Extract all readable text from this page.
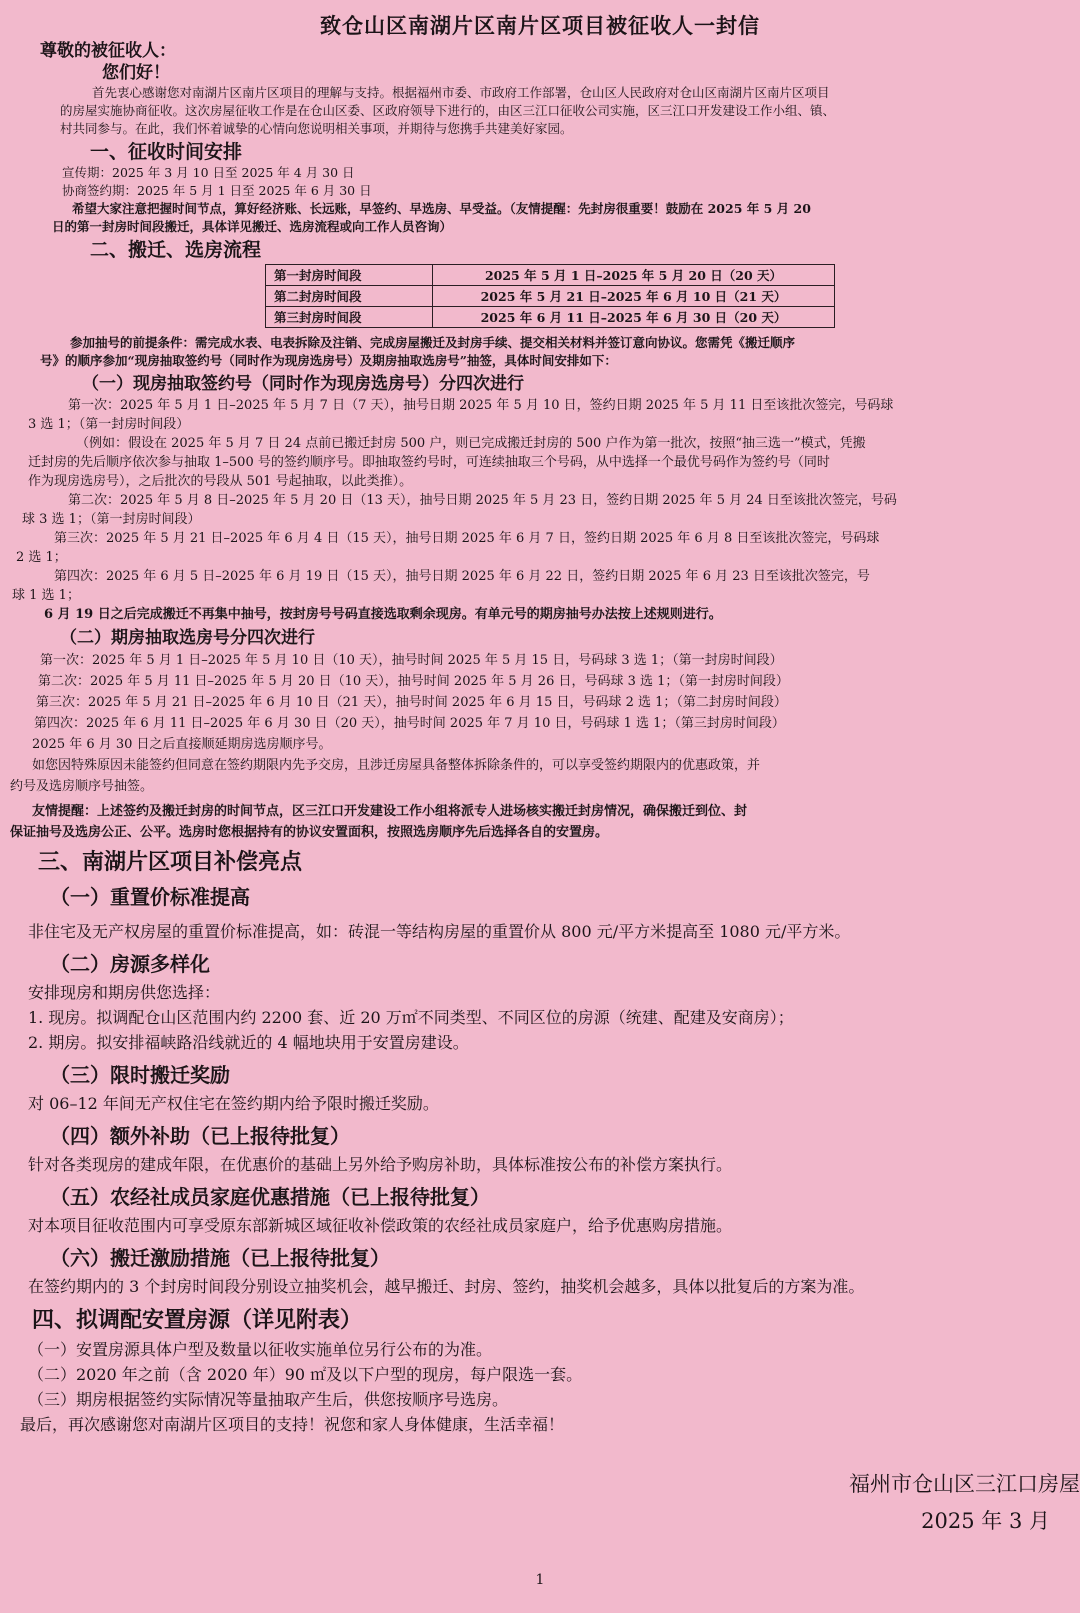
致仓山区南湖片区南片区项目被征收人一封信

尊敬的被征收人：

您们好！

首先衷心感谢您对南湖片区南片区项目的理解与支持。根据福州市委、市政府工作部署，仓山区人民政府对仓山区南湖片区南片区项目

的房屋实施协商征收。这次房屋征收工作是在仓山区委、区政府领导下进行的，由区三江口征收公司实施，区三江口开发建设工作小组、镇、

村共同参与。在此，我们怀着诚挚的心情向您说明相关事项，并期待与您携手共建美好家园。

一、征收时间安排

宣传期：2025 年 3 月 10 日至 2025 年 4 月 30 日

协商签约期：2025 年 5 月 1 日至 2025 年 6 月 30 日

希望大家注意把握时间节点，算好经济账、长远账，早签约、早选房、早受益。（友情提醒：先封房很重要！鼓励在 2025 年 5 月 20

日的第一封房时间段搬迁，具体详见搬迁、选房流程或向工作人员咨询）

二、搬迁、选房流程
第一封房时间段	2025 年 5 月 1 日–2025 年 5 月 20 日（20 天）
第二封房时间段	2025 年 5 月 21 日–2025 年 6 月 10 日（21 天）
第三封房时间段	2025 年 6 月 11 日–2025 年 6 月 30 日（20 天）

参加抽号的前提条件：需完成水表、电表拆除及注销、完成房屋搬迁及封房手续、提交相关材料并签订意向协议。您需凭《搬迁顺序

号》的顺序参加“现房抽取签约号（同时作为现房选房号）及期房抽取选房号”抽签，具体时间安排如下：

（一）现房抽取签约号（同时作为现房选房号）分四次进行

第一次：2025 年 5 月 1 日–2025 年 5 月 7 日（7 天），抽号日期 2025 年 5 月 10 日，签约日期 2025 年 5 月 11 日至该批次签完，号码球

3 选 1；（第一封房时间段）

（例如：假设在 2025 年 5 月 7 日 24 点前已搬迁封房 500 户，则已完成搬迁封房的 500 户作为第一批次，按照“抽三选一”模式，凭搬

迁封房的先后顺序依次参与抽取 1–500 号的签约顺序号。即抽取签约号时，可连续抽取三个号码，从中选择一个最优号码作为签约号（同时

作为现房选房号），之后批次的号段从 501 号起抽取，以此类推）。

第二次：2025 年 5 月 8 日–2025 年 5 月 20 日（13 天），抽号日期 2025 年 5 月 23 日，签约日期 2025 年 5 月 24 日至该批次签完，号码

球 3 选 1；（第一封房时间段）

第三次：2025 年 5 月 21 日–2025 年 6 月 4 日（15 天），抽号日期 2025 年 6 月 7 日，签约日期 2025 年 6 月 8 日至该批次签完，号码球

2 选 1；

第四次：2025 年 6 月 5 日–2025 年 6 月 19 日（15 天），抽号日期 2025 年 6 月 22 日，签约日期 2025 年 6 月 23 日至该批次签完，号

球 1 选 1；

6 月 19 日之后完成搬迁不再集中抽号，按封房号号码直接选取剩余现房。有单元号的期房抽号办法按上述规则进行。

（二）期房抽取选房号分四次进行

第一次：2025 年 5 月 1 日–2025 年 5 月 10 日（10 天），抽号时间 2025 年 5 月 15 日，号码球 3 选 1；（第一封房时间段）

第二次：2025 年 5 月 11 日–2025 年 5 月 20 日（10 天），抽号时间 2025 年 5 月 26 日，号码球 3 选 1；（第一封房时间段）

第三次：2025 年 5 月 21 日–2025 年 6 月 10 日（21 天），抽号时间 2025 年 6 月 15 日，号码球 2 选 1；（第二封房时间段）

第四次：2025 年 6 月 11 日–2025 年 6 月 30 日（20 天），抽号时间 2025 年 7 月 10 日，号码球 1 选 1；（第三封房时间段）

2025 年 6 月 30 日之后直接顺延期房选房顺序号。

如您因特殊原因未能签约但同意在签约期限内先予交房，且涉迁房屋具备整体拆除条件的，可以享受签约期限内的优惠政策，并

约号及选房顺序号抽签。

友情提醒：上述签约及搬迁封房的时间节点，区三江口开发建设工作小组将派专人进场核实搬迁封房情况，确保搬迁到位、封

保证抽号及选房公正、公平。选房时您根据持有的协议安置面积，按照选房顺序先后选择各自的安置房。

三、南湖片区项目补偿亮点
（一）重置价标准提高

非住宅及无产权房屋的重置价标准提高，如：砖混一等结构房屋的重置价从 800 元/平方米提高至 1080 元/平方米。

（二）房源多样化

安排现房和期房供您选择：

1. 现房。拟调配仓山区范围内约 2200 套、近 20 万㎡不同类型、不同区位的房源（统建、配建及安商房）；

2. 期房。拟安排福峡路沿线就近的 4 幅地块用于安置房建设。

（三）限时搬迁奖励

对 06–12 年间无产权住宅在签约期内给予限时搬迁奖励。

（四）额外补助（已上报待批复）

针对各类现房的建成年限，在优惠价的基础上另外给予购房补助，具体标准按公布的补偿方案执行。

（五）农经社成员家庭优惠措施（已上报待批复）

对本项目征收范围内可享受原东部新城区域征收补偿政策的农经社成员家庭户，给予优惠购房措施。

（六）搬迁激励措施（已上报待批复）

在签约期内的 3 个封房时间段分别设立抽奖机会，越早搬迁、封房、签约，抽奖机会越多，具体以批复后的方案为准。

四、拟调配安置房源（详见附表）

（一）安置房源具体户型及数量以征收实施单位另行公布的为准。

（二）2020 年之前（含 2020 年）90 ㎡及以下户型的现房，每户限选一套。

（三）期房根据签约实际情况等量抽取产生后，供您按顺序号选房。

最后，再次感谢您对南湖片区项目的支持！祝您和家人身体健康，生活幸福！

福州市仓山区三江口房屋
2025 年 3 月
1
